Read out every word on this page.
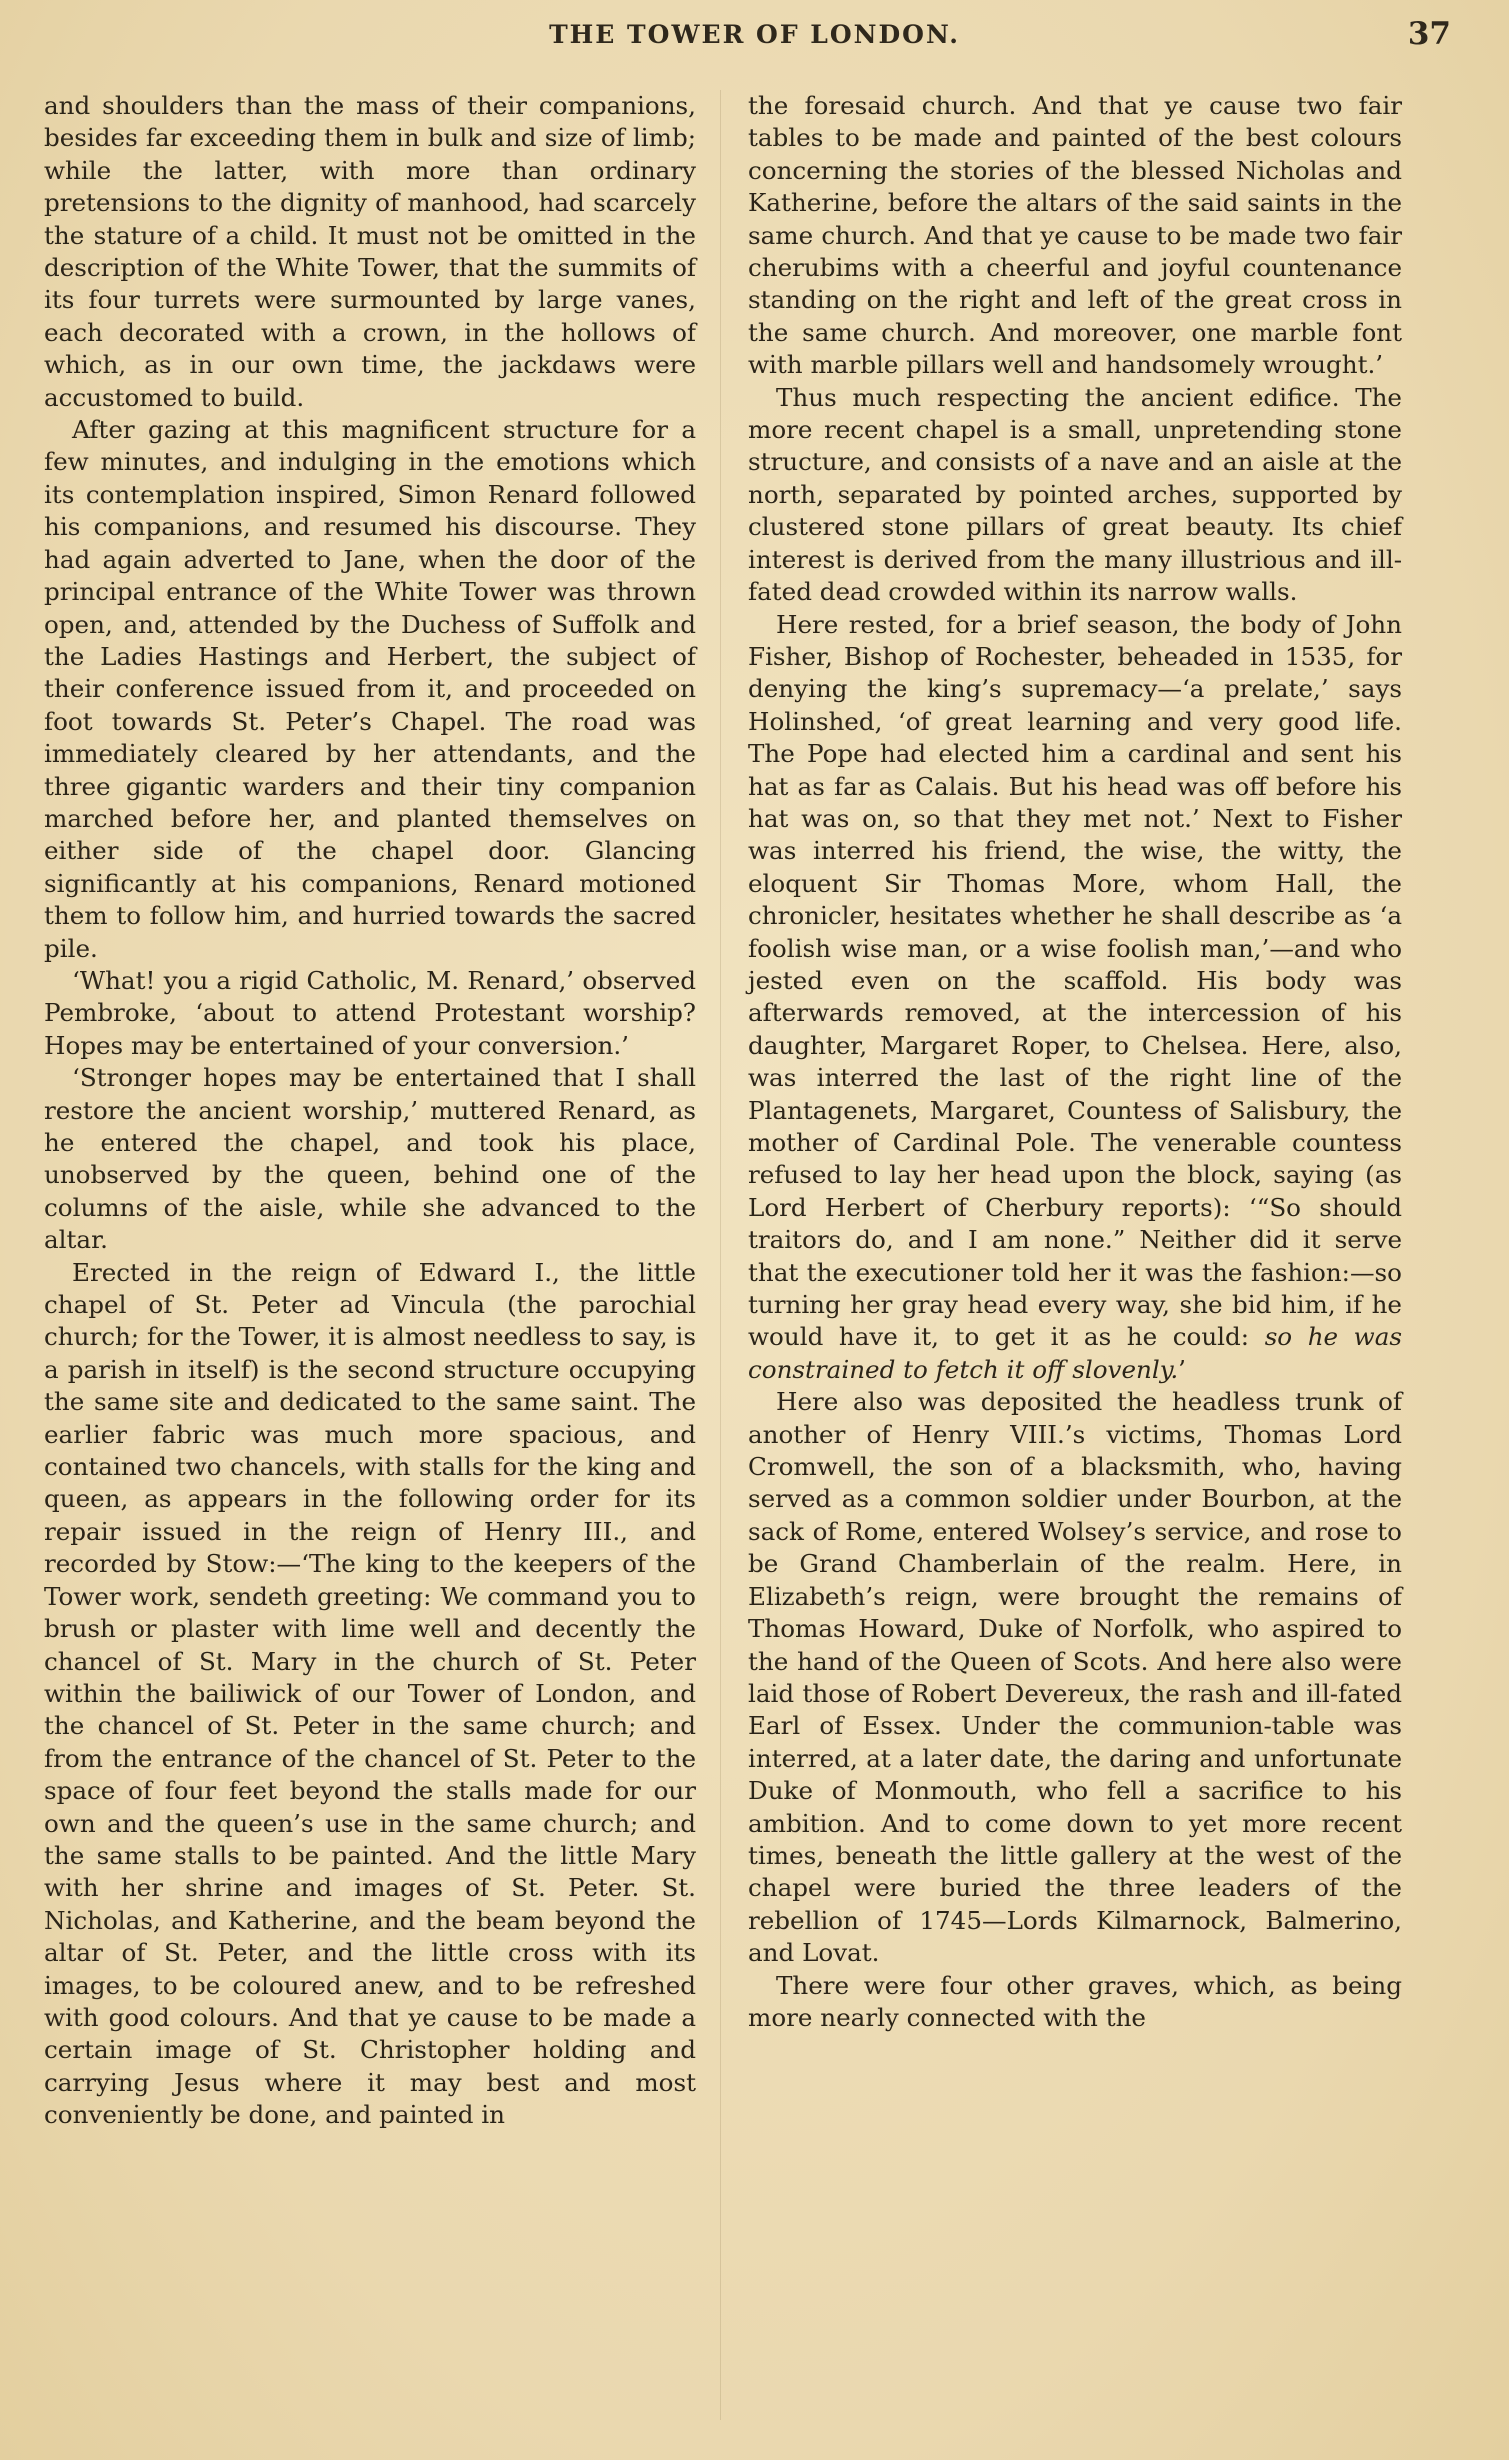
THE TOWER OF LONDON.	37

and shoulders than the mass of their companions, besides far exceeding them in bulk and size of limb; while the latter, with more than ordinary pretensions to the dignity of manhood, had scarcely the stature of a child. It must not be omitted in the description of the White Tower, that the summits of its four turrets were surmounted by large vanes, each decorated with a crown, in the hollows of which, as in our own time, the jackdaws were accustomed to build.

After gazing at this magnificent structure for a few minutes, and indulging in the emotions which its contemplation inspired, Simon Renard followed his companions, and resumed his discourse. They had again adverted to Jane, when the door of the principal entrance of the White Tower was thrown open, and, attended by the Duchess of Suffolk and the Ladies Hastings and Herbert, the subject of their conference issued from it, and proceeded on foot towards St. Peter’s Chapel. The road was immediately cleared by her attendants, and the three gigantic warders and their tiny companion marched before her, and planted themselves on either side of the chapel door. Glancing significantly at his companions, Renard motioned them to follow him, and hurried towards the sacred pile.

‘What! you a rigid Catholic, M. Renard,’ observed Pembroke, ‘about to attend Protestant worship? Hopes may be entertained of your conversion.’

‘Stronger hopes may be entertained that I shall restore the ancient worship,’ muttered Renard, as he entered the chapel, and took his place, unobserved by the queen, behind one of the columns of the aisle, while she advanced to the altar.

Erected in the reign of Edward I., the little chapel of St. Peter ad Vincula (the parochial church; for the Tower, it is almost needless to say, is a parish in itself) is the second structure occupying the same site and dedicated to the same saint. The earlier fabric was much more spacious, and contained two chancels, with stalls for the king and queen, as appears in the following order for its repair issued in the reign of Henry III., and recorded by Stow:—‘The king to the keepers of the Tower work, sendeth greeting: We command you to brush or plaster with lime well and decently the chancel of St. Mary in the church of St. Peter within the bailiwick of our Tower of London, and the chancel of St. Peter in the same church; and from the entrance of the chancel of St. Peter to the space of four feet beyond the stalls made for our own and the queen’s use in the same church; and the same stalls to be painted. And the little Mary with her shrine and images of St. Peter. St. Nicholas, and Katherine, and the beam beyond the altar of St. Peter, and the little cross with its images, to be coloured anew, and to be refreshed with good colours. And that ye cause to be made a certain image of St. Christopher holding and carrying Jesus where it may best and most conveniently be done, and painted in

the foresaid church. And that ye cause two fair tables to be made and painted of the best colours concerning the stories of the blessed Nicholas and Katherine, before the altars of the said saints in the same church. And that ye cause to be made two fair cherubims with a cheerful and joyful countenance standing on the right and left of the great cross in the same church. And moreover, one marble font with marble pillars well and handsomely wrought.’

Thus much respecting the ancient edifice. The more recent chapel is a small, unpretending stone structure, and consists of a nave and an aisle at the north, separated by pointed arches, supported by clustered stone pillars of great beauty. Its chief interest is derived from the many illustrious and ill-fated dead crowded within its narrow walls.

Here rested, for a brief season, the body of John Fisher, Bishop of Rochester, beheaded in 1535, for denying the king’s supremacy—‘a prelate,’ says Holinshed, ‘of great learning and very good life. The Pope had elected him a cardinal and sent his hat as far as Calais. But his head was off before his hat was on, so that they met not.’ Next to Fisher was interred his friend, the wise, the witty, the eloquent Sir Thomas More, whom Hall, the chronicler, hesitates whether he shall describe as ‘a foolish wise man, or a wise foolish man,’—and who jested even on the scaffold. His body was afterwards removed, at the intercession of his daughter, Margaret Roper, to Chelsea. Here, also, was interred the last of the right line of the Plantagenets, Margaret, Countess of Salisbury, the mother of Cardinal Pole. The venerable countess refused to lay her head upon the block, saying (as Lord Herbert of Cherbury reports): ‘“So should traitors do, and I am none.” Neither did it serve that the executioner told her it was the fashion:—so turning her gray head every way, she bid him, if he would have it, to get it as he could: so he was constrained to fetch it off slovenly.’

Here also was deposited the headless trunk of another of Henry VIII.’s victims, Thomas Lord Cromwell, the son of a blacksmith, who, having served as a common soldier under Bourbon, at the sack of Rome, entered Wolsey’s service, and rose to be Grand Chamberlain of the realm. Here, in Elizabeth’s reign, were brought the remains of Thomas Howard, Duke of Norfolk, who aspired to the hand of the Queen of Scots. And here also were laid those of Robert Devereux, the rash and ill-fated Earl of Essex. Under the communion-table was interred, at a later date, the daring and unfortunate Duke of Monmouth, who fell a sacrifice to his ambition. And to come down to yet more recent times, beneath the little gallery at the west of the chapel were buried the three leaders of the rebellion of 1745—Lords Kilmarnock, Balmerino, and Lovat.

There were four other graves, which, as being more nearly connected with the
